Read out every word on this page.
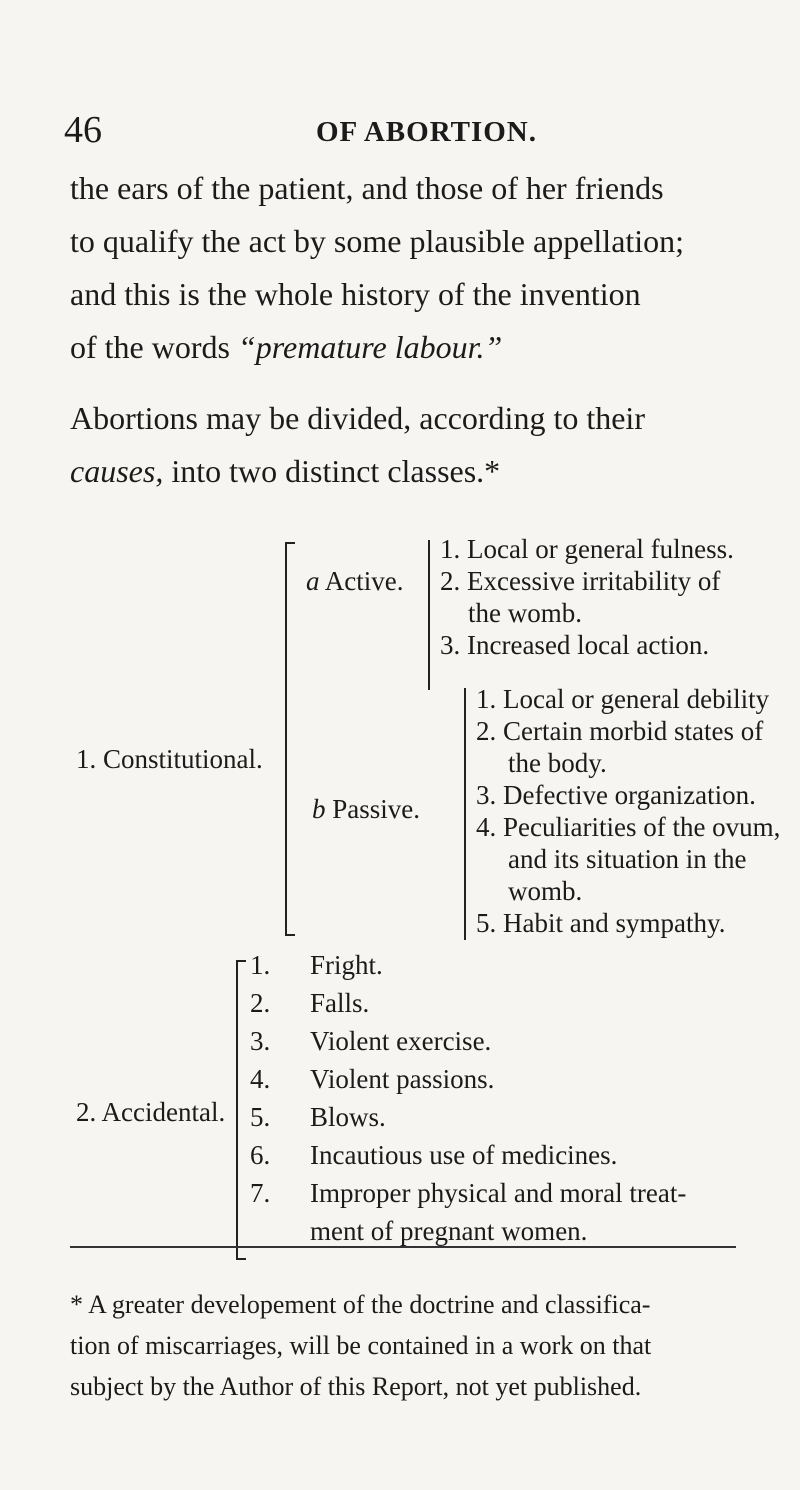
46	OF ABORTION.

the ears of the patient, and those of her friends

to qualify the act by some plausible appellation;

and this is the whole history of the invention

of the words “premature labour.”

Abortions may be divided, according to their

causes, into two distinct classes.*

1. Constitutional.
a Active.
1. Local or general fulness.
2. Excessive irritability of
the womb.
3. Increased local action.
b Passive.
1. Local or general debility
2. Certain morbid states of
the body.
3. Defective organization.
4. Peculiarities of the ovum,
and its situation in the
womb.
5. Habit and sympathy.
2. Accidental.
1.
2.
3.
4.
5.
6.
7.
Fright.
Falls.
Violent exercise.
Violent passions.
Blows.
Incautious use of medicines.
Improper physical and moral treat-
ment of pregnant women.

* A greater developement of the doctrine and classifica-

tion of miscarriages, will be contained in a work on that

subject by the Author of this Report, not yet published.
